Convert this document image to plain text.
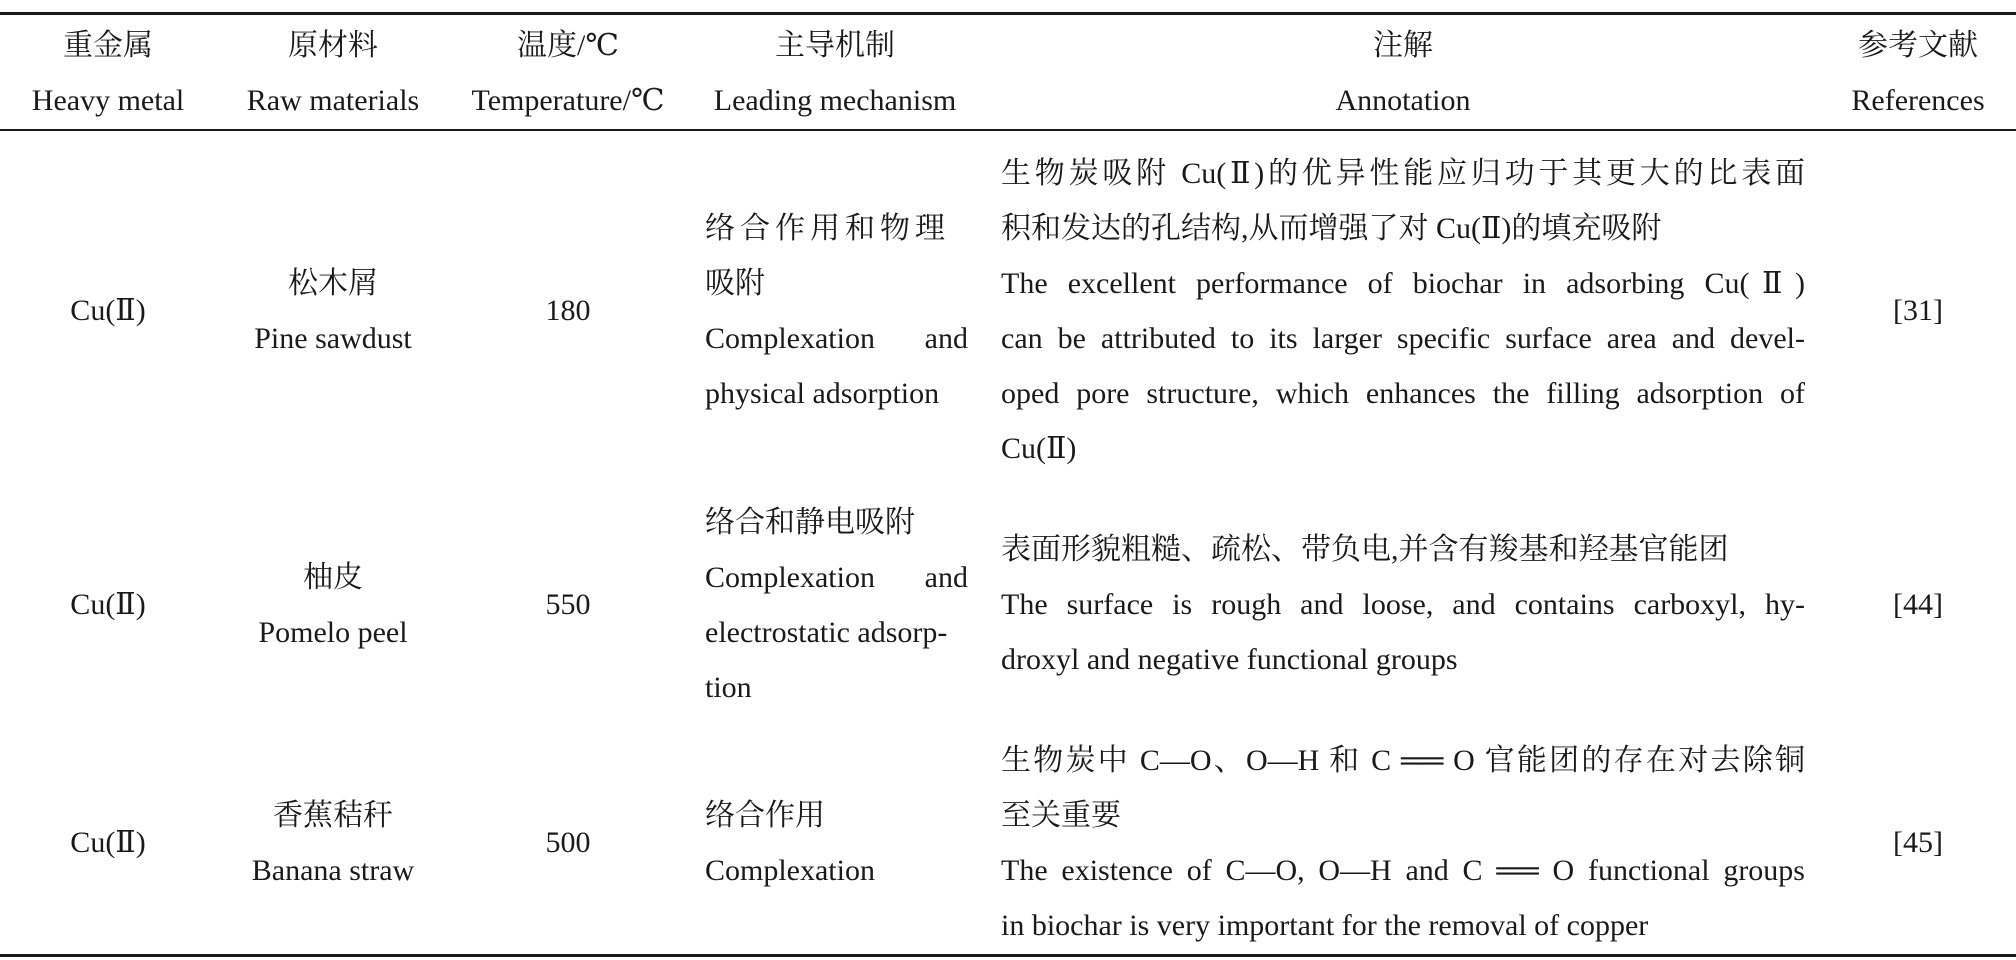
重金属
Heavy metal
原材料
Raw materials
温度/℃
Temperature/℃
主导机制
Leading mechanism
注解
Annotation
参考文献
References
Cu(Ⅱ)
松木屑
Pine sawdust
180
络合作用和物理
吸附
Complexation and
physical adsorption
生物炭吸附 Cu(Ⅱ)的优异性能应归功于其更大的比表面
积和发达的孔结构,从而增强了对 Cu(Ⅱ)的填充吸附
The excellent performance of biochar in adsorbing Cu(Ⅱ)
can be attributed to its larger specific surface area and devel-
oped pore structure, which enhances the filling adsorption of
Cu(Ⅱ)
[31]
Cu(Ⅱ)
柚皮
Pomelo peel
550
络合和静电吸附
Complexation and
electrostatic adsorp-
tion
表面形貌粗糙、疏松、带负电,并含有羧基和羟基官能团
The surface is rough and loose, and contains carboxyl, hy-
droxyl and negative functional groups
[44]
Cu(Ⅱ)
香蕉秸秆
Banana straw
500
络合作用
Complexation
生物炭中 C—O、O—H 和 C ══ O 官能团的存在对去除铜
至关重要
The existence of C—O, O—H and C ══ O functional groups
in biochar is very important for the removal of copper
[45]
